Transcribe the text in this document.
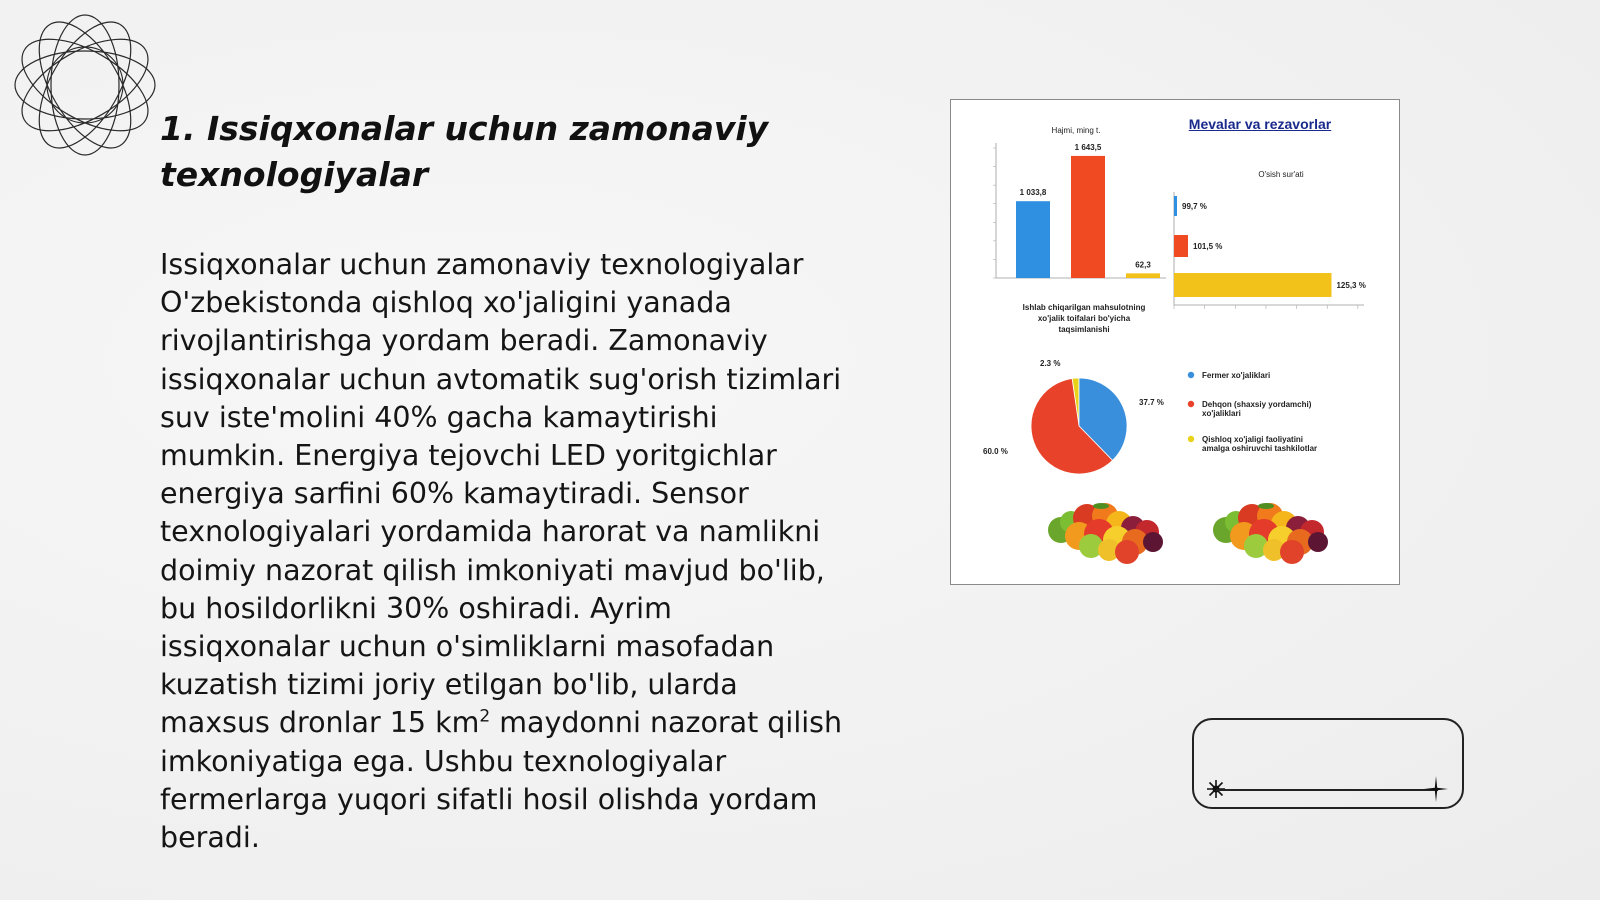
1. Issiqxonalar uchun zamonaviy
texnologiyalar
Issiqxonalar uchun zamonaviy texnologiyalar O'zbekistonda qishloq xo'jaligini yanada rivojlantirishga yordam beradi. Zamonaviy issiqxonalar uchun avtomatik sug'orish tizimlari suv iste'molini 40% gacha kamaytirishi mumkin. Energiya tejovchi LED yoritgichlar energiya sarfini 60% kamaytiradi. Sensor texnologiyalari yordamida harorat va namlikni doimiy nazorat qilish imkoniyati mavjud bo'lib, bu hosildorlikni 30% oshiradi. Ayrim issiqxonalar uchun o'simliklarni masofadan kuzatish tizimi joriy etilgan bo'lib, ularda maxsus dronlar 15 $km^2$ maydonni nazorat qilish imkoniyatiga ega. Ushbu texnologiyalar fermerlarga yuqori sifatli hosil olishda yordam beradi.
Mevalar va rezavorlar
Hajmi, ming t.
1 033,8
1 643,5
62,3
Ishlab chiqarilgan mahsulotning
xo'jalik toifalari bo'yicha
taqsimlanishi
O'sish sur'ati
99,7 %
101,5 %
125,3 %
37.7 %
60.0 %
2.3 %
Fermer xo'jaliklari
Dehqon (shaxsiy yordamchi)
xo'jaliklari
Qishloq xo'jaligi faoliyatini
amalga oshiruvchi tashkilotlar
